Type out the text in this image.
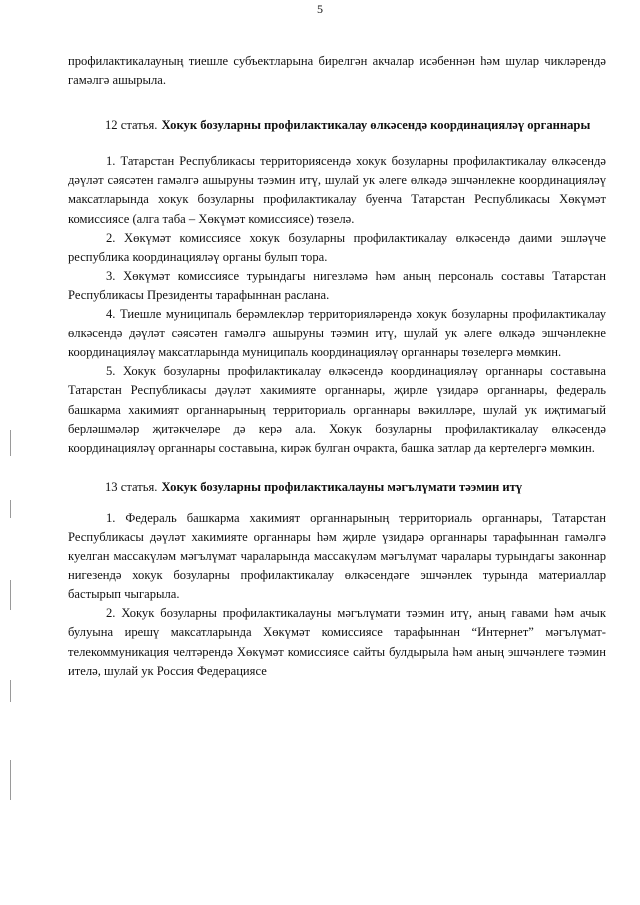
5

профилактикалауның тиешле субъектларына бирелгән акчалар исәбеннән һәм шулар чикләрендә гамәлгә ашырыла.

12 статья. Хокук бозуларны профилактикалау өлкәсендә координацияләү органнары

1. Татарстан Республикасы территориясендә хокук бозуларны профилактикалау өлкәсендә дәүләт сәясәтен гамәлгә ашыруны тәэмин итү, шулай ук әлеге өлкәдә эшчәнлекне координацияләү максатларында хокук бозуларны профилактикалау буенча Татарстан Республикасы Хөкүмәт комиссиясе (алга таба – Хөкүмәт комиссиясе) төзелә.

2. Хөкүмәт комиссиясе хокук бозуларны профилактикалау өлкәсендә даими эшләүче республика координацияләү органы булып тора.

3. Хөкүмәт комиссиясе турындагы нигезләмә һәм аның персональ составы Татарстан Республикасы Президенты тарафыннан раслана.

4. Тиешле муниципаль берәмлекләр территорияләрендә хокук бозуларны профилактикалау өлкәсендә дәүләт сәясәтен гамәлгә ашыруны тәэмин итү, шулай ук әлеге өлкәдә эшчәнлекне координацияләү максатларында муниципаль координацияләү органнары төзелергә мөмкин.

5. Хокук бозуларны профилактикалау өлкәсендә координацияләү органнары составына Татарстан Республикасы дәүләт хакимияте органнары, җирле үзидарә органнары, федераль башкарма хакимият органнарының территориаль органнары вәкилләре, шулай ук иҗтимагый берләшмәләр җитәкчеләре дә керә ала. Хокук бозуларны профилактикалау өлкәсендә координацияләү органнары составына, кирәк булган очракта, башка затлар да кертелергә мөмкин.

13 статья. Хокук бозуларны профилактикалауны мәгълүмати тәэмин итү

1. Федераль башкарма хакимият органнарының территориаль органнары, Татарстан Республикасы дәүләт хакимияте органнары һәм җирле үзидарә органнары тарафыннан гамәлгә куелган массакүләм мәгълүмат чараларында массакүләм мәгълүмат чаралары турындагы законнар нигезендә хокук бозуларны профилактикалау өлкәсендәге эшчәнлек турында материаллар бастырып чыгарыла.

2. Хокук бозуларны профилактикалауны мәгълүмати тәэмин итү, аның гавами һәм ачык булуына ирешү максатларында Хөкүмәт комиссиясе тарафыннан “Интернет” мәгълүмат-телекоммуникация челтәрендә Хөкүмәт комиссиясе сайты булдырыла һәм аның эшчәнлеге тәэмин ителә, шулай ук Россия Федерациясе
